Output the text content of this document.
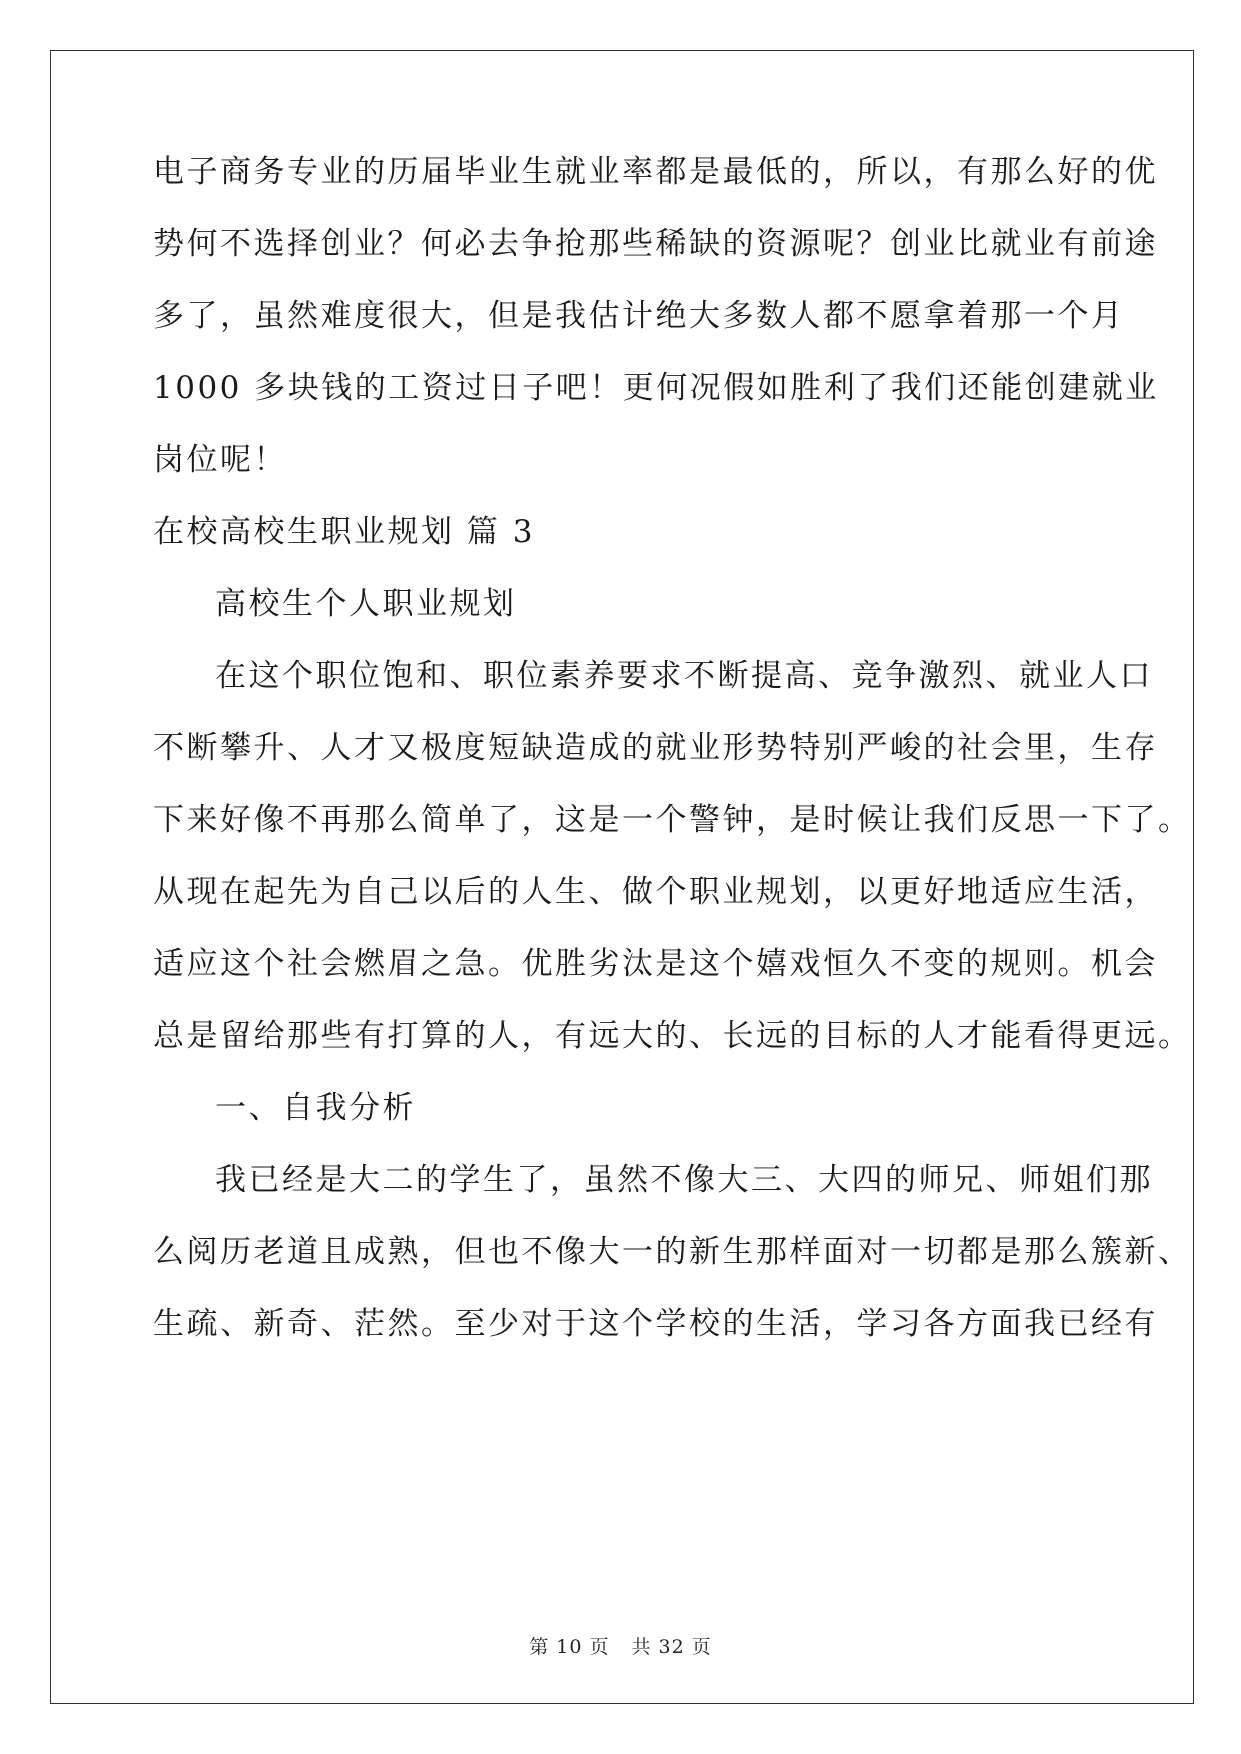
电子商务专业的历届毕业生就业率都是最低的，所以，有那么好的优
势何不选择创业？何必去争抢那些稀缺的资源呢？创业比就业有前途
多了，虽然难度很大，但是我估计绝大多数人都不愿拿着那一个月
1000 多块钱的工资过日子吧！更何况假如胜利了我们还能创建就业
岗位呢！
在校高校生职业规划 篇 3
高校生个人职业规划
在这个职位饱和、职位素养要求不断提高、竞争激烈、就业人口
不断攀升、人才又极度短缺造成的就业形势特别严峻的社会里，生存
下来好像不再那么简单了，这是一个警钟，是时候让我们反思一下了。
从现在起先为自己以后的人生、做个职业规划，以更好地适应生活，
适应这个社会燃眉之急。优胜劣汰是这个嬉戏恒久不变的规则。机会
总是留给那些有打算的人，有远大的、长远的目标的人才能看得更远。
一、自我分析
我已经是大二的学生了，虽然不像大三、大四的师兄、师姐们那
么阅历老道且成熟，但也不像大一的新生那样面对一切都是那么簇新、
生疏、新奇、茫然。至少对于这个学校的生活，学习各方面我已经有
第 10 页 共 32 页
